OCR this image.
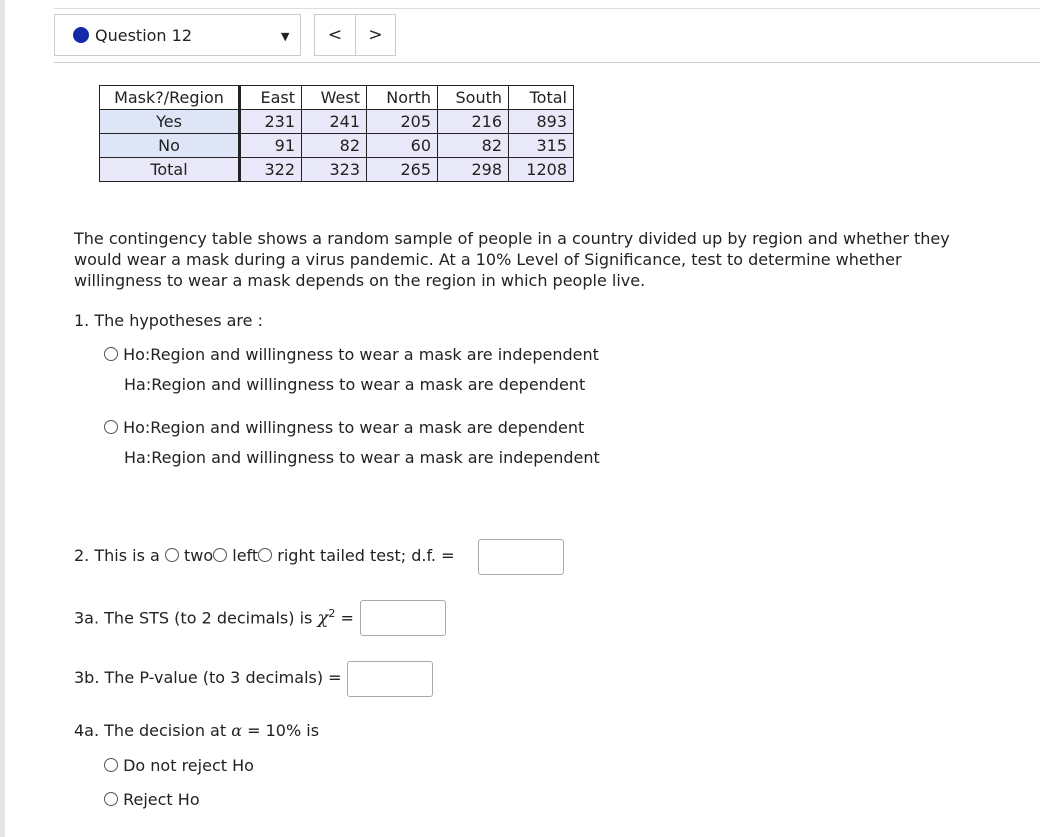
Question 12	▼	<	>
Mask?/Region	East	West	North	South	Total
Yes	231	241	205	216	893
No	91	82	60	82	315
Total	322	323	265	298	1208
The contingency table shows a random sample of people in a country divided up by region and whether they would wear a mask during a virus pandemic. At a 10% Level of Significance, test to determine whether willingness to wear a mask depends on the region in which people live.
1. The hypotheses are :
Ho:Region and willingness to wear a mask are independent
Ha:Region and willingness to wear a mask are dependent
Ho:Region and willingness to wear a mask are dependent
Ha:Region and willingness to wear a mask are independent
2. This is a two left right tailed test; d.f. =
3a. The STS (to 2 decimals) is $\chi^2$ =
3b. The P-value (to 3 decimals) =
4a. The decision at α = 10% is
Do not reject Ho
Reject Ho
